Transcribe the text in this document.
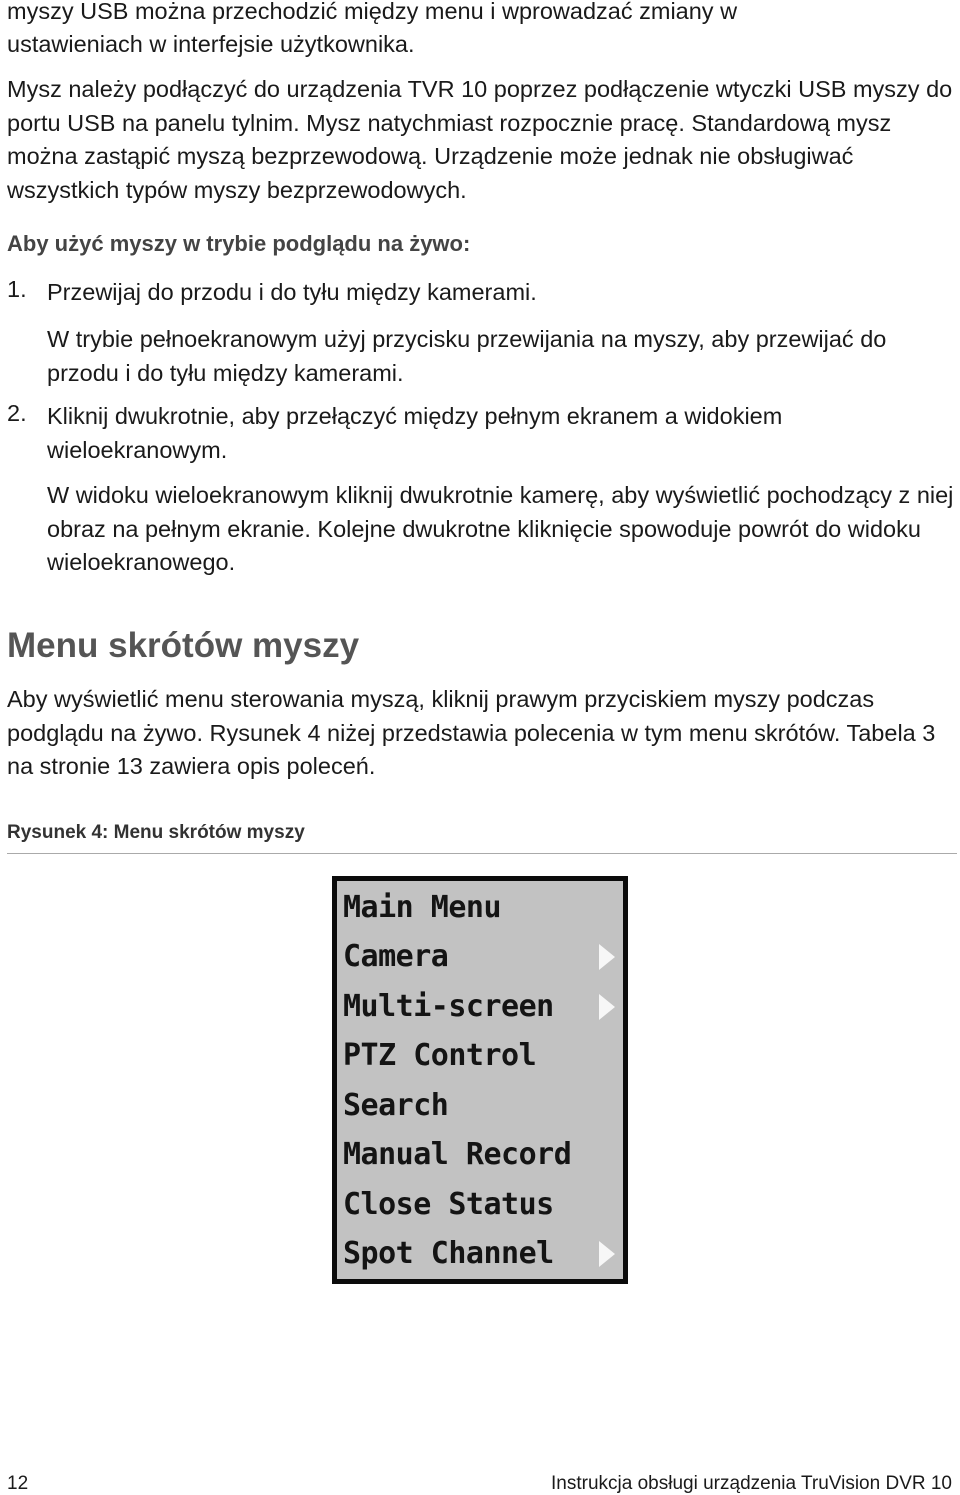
myszy USB można przechodzić między menu i wprowadzać zmiany w
ustawieniach w interfejsie użytkownika.

Mysz należy podłączyć do urządzenia TVR 10 poprzez podłączenie wtyczki USB myszy do portu USB na panelu tylnim. Mysz natychmiast rozpocznie pracę. Standardową mysz można zastąpić myszą bezprzewodową. Urządzenie może jednak nie obsługiwać wszystkich typów myszy bezprzewodowych.

Aby użyć myszy w trybie podglądu na żywo:
1. Przewijaj do przodu i do tyłu między kamerami.

W trybie pełnoekranowym użyj przycisku przewijania na myszy, aby przewijać do przodu i do tyłu między kamerami.

2. Kliknij dwukrotnie, aby przełączyć między pełnym ekranem a widokiem wieloekranowym.

W widoku wieloekranowym kliknij dwukrotnie kamerę, aby wyświetlić pochodzący z niej obraz na pełnym ekranie. Kolejne dwukrotne kliknięcie spowoduje powrót do widoku wieloekranowego.

Menu skrótów myszy

Aby wyświetlić menu sterowania myszą, kliknij prawym przyciskiem myszy podczas podglądu na żywo. Rysunek 4 niżej przedstawia polecenia w tym menu skrótów. Tabela 3 na stronie 13 zawiera opis poleceń.

Rysunek 4: Menu skrótów myszy
Main Menu
Camera
Multi-screen
PTZ Control
Search
Manual Record
Close Status
Spot Channel
12	Instrukcja obsługi urządzenia TruVision DVR 10
